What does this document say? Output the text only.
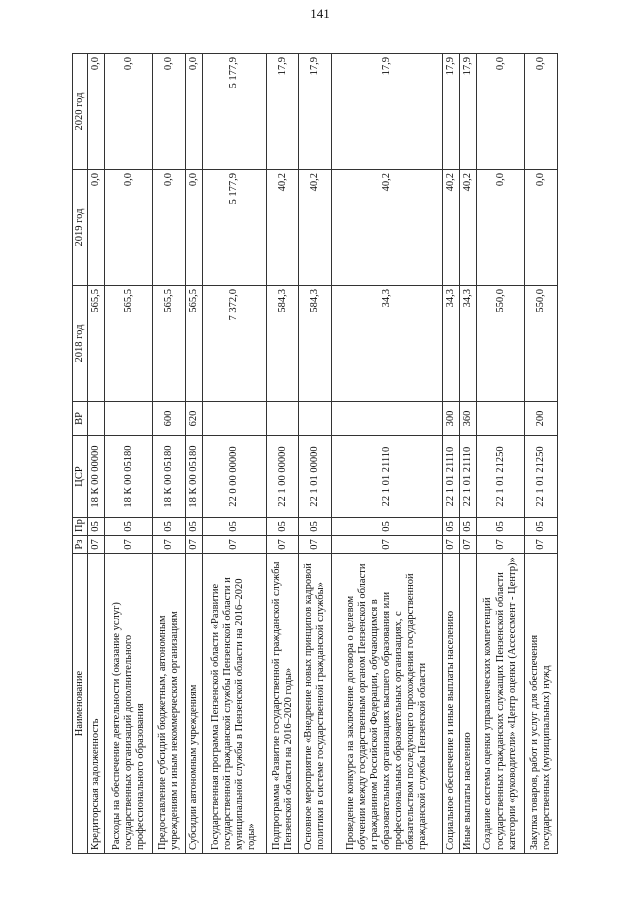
141
Наименование	Рз	Пр	ЦСР	ВР	2018 год	2019 год	2020 год
Кредиторская задолженность	07	05	18 К 00 00000		565,5	0,0	0,0
Расходы на обеспечение деятельности (оказание услуг) государственных организаций дополнительного профессионального образования	07	05	18 К 00 05180		565,5	0,0	0,0
Предоставление субсидий бюджетным, автономным учреждениям и иным некоммерческим организациям	07	05	18 К 00 05180	600	565,5	0,0	0,0
Субсидии автономным учреждениям	07	05	18 К 00 05180	620	565,5	0,0	0,0
Государственная программа Пензенской области «Развитие государственной гражданской службы Пензенской области и муниципальной службы в Пензенской области на 2016–2020 годы»	07	05	22 0 00 00000		7 372,0	5 177,9	5 177,9
Подпрограмма «Развитие государственной гражданской службы Пензенской области на 2016–2020 годы»	07	05	22 1 00 00000		584,3	40,2	17,9
Основное мероприятие «Внедрение новых принципов кадровой политики в системе государственной гражданской службы»	07	05	22 1 01 00000		584,3	40,2	17,9
Проведение конкурса на заключение договора о целевом обучении между государственным органом Пензенской области и гражданином Российской Федерации, обучающимся в образовательных организациях высшего образования или профессиональных образовательных организациях, с обязательством последующего прохождения государственной гражданской службы Пензенской области	07	05	22 1 01 21110		34,3	40,2	17,9
Социальное обеспечение и иные выплаты населению	07	05	22 1 01 21110	300	34,3	40,2	17,9
Иные выплаты населению	07	05	22 1 01 21110	360	34,3	40,2	17,9
Создание системы оценки управленческих компетенций государственных гражданских служащих Пензенской области категории «руководители» «Центр оценки (Ассессмент - Центр)»	07	05	22 1 01 21250		550,0	0,0	0,0
Закупка товаров, работ и услуг для обеспечения государственных (муниципальных) нужд	07	05	22 1 01 21250	200	550,0	0,0	0,0
